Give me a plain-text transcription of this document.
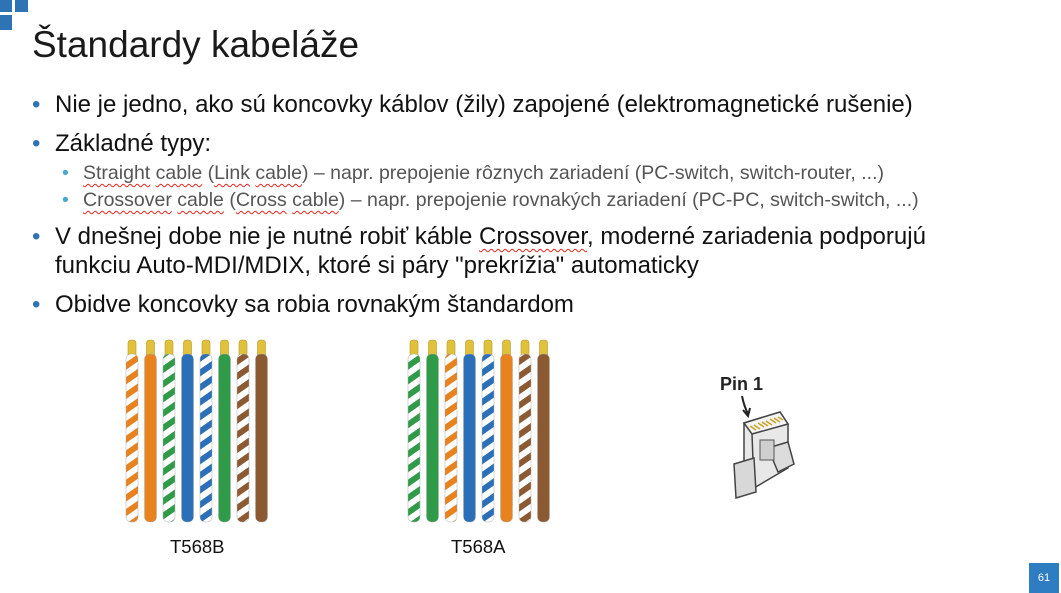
Štandardy kabeláže
• Nie je jedno, ako sú koncovky káblov (žily) zapojené (elektromagnetické rušenie)
• Základné typy:
• Straight cable (Link cable) – napr. prepojenie rôznych zariadení (PC-switch, switch-router, ...)
• Crossover cable (Cross cable) – napr. prepojenie rovnakých zariadení (PC-PC, switch-switch, ...)
• V dnešnej dobe nie je nutné robiť káble Crossover, moderné zariadenia podporujú funkciu Auto-MDI/MDIX, ktoré si páry "prekrížia" automaticky
• Obidve koncovky sa robia rovnakým štandardom
T568B	T568A
Pin 1
61
